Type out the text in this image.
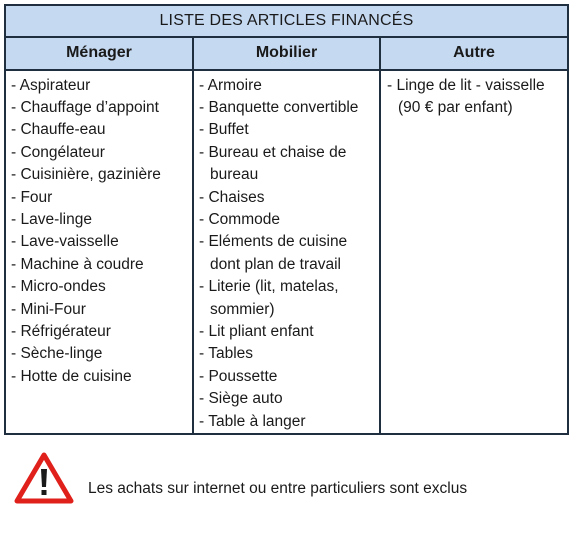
LISTE DES ARTICLES FINANCÉS
Ménager	Mobilier	Autre
- Aspirateur
- Chauffage d’appoint
- Chauffe-eau
- Congélateur
- Cuisinière, gazinière
- Four
- Lave-linge
- Lave-vaisselle
- Machine à coudre
- Micro-ondes
- Mini-Four
- Réfrigérateur
- Sèche-linge
- Hotte de cuisine
- Armoire
- Banquette convertible
- Buffet
- Bureau et chaise de bureau
- Chaises
- Commode
- Eléments de cuisine dont plan de travail
- Literie (lit, matelas, sommier)
- Lit pliant enfant
- Tables
- Poussette
- Siège auto
- Table à langer
- Linge de lit - vaisselle (90 € par enfant)
Les achats sur internet ou entre particuliers sont exclus
